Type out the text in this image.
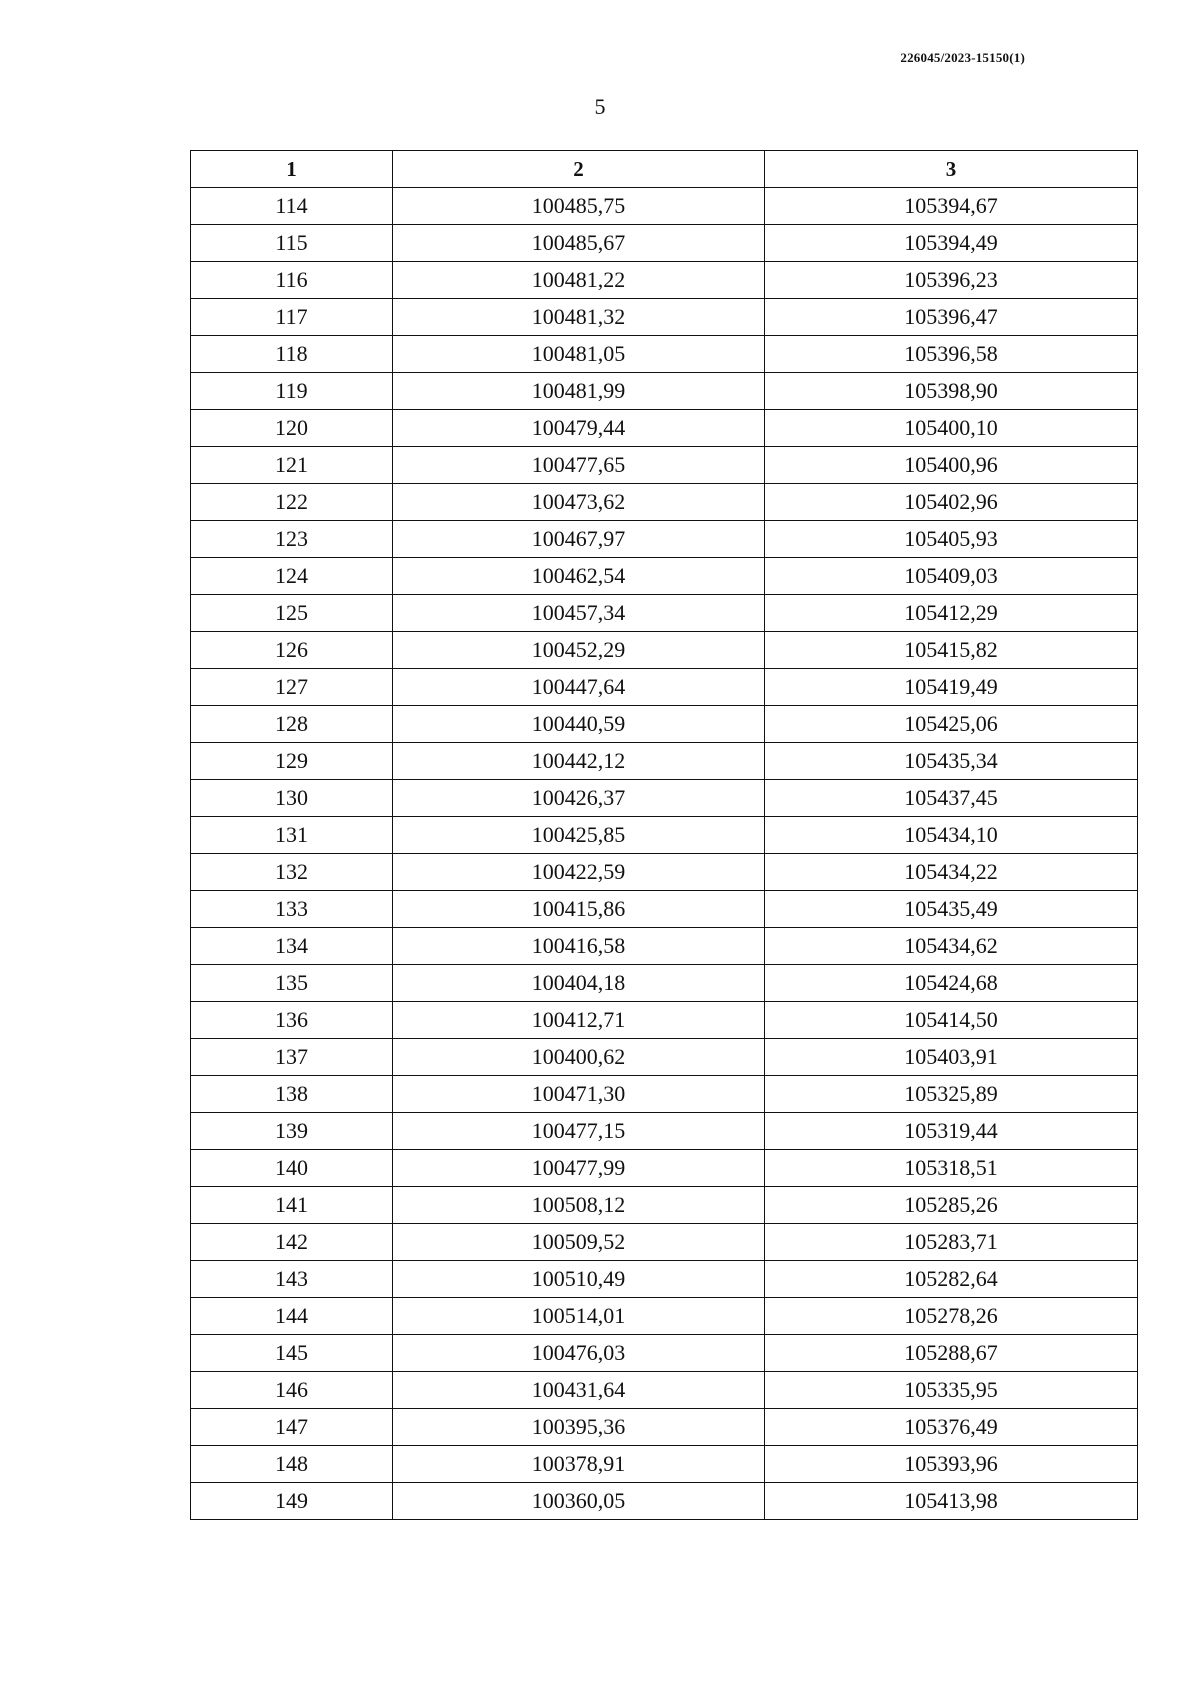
226045/2023-15150(1)
5
1	2	3
114	100485,75	105394,67
115	100485,67	105394,49
116	100481,22	105396,23
117	100481,32	105396,47
118	100481,05	105396,58
119	100481,99	105398,90
120	100479,44	105400,10
121	100477,65	105400,96
122	100473,62	105402,96
123	100467,97	105405,93
124	100462,54	105409,03
125	100457,34	105412,29
126	100452,29	105415,82
127	100447,64	105419,49
128	100440,59	105425,06
129	100442,12	105435,34
130	100426,37	105437,45
131	100425,85	105434,10
132	100422,59	105434,22
133	100415,86	105435,49
134	100416,58	105434,62
135	100404,18	105424,68
136	100412,71	105414,50
137	100400,62	105403,91
138	100471,30	105325,89
139	100477,15	105319,44
140	100477,99	105318,51
141	100508,12	105285,26
142	100509,52	105283,71
143	100510,49	105282,64
144	100514,01	105278,26
145	100476,03	105288,67
146	100431,64	105335,95
147	100395,36	105376,49
148	100378,91	105393,96
149	100360,05	105413,98
